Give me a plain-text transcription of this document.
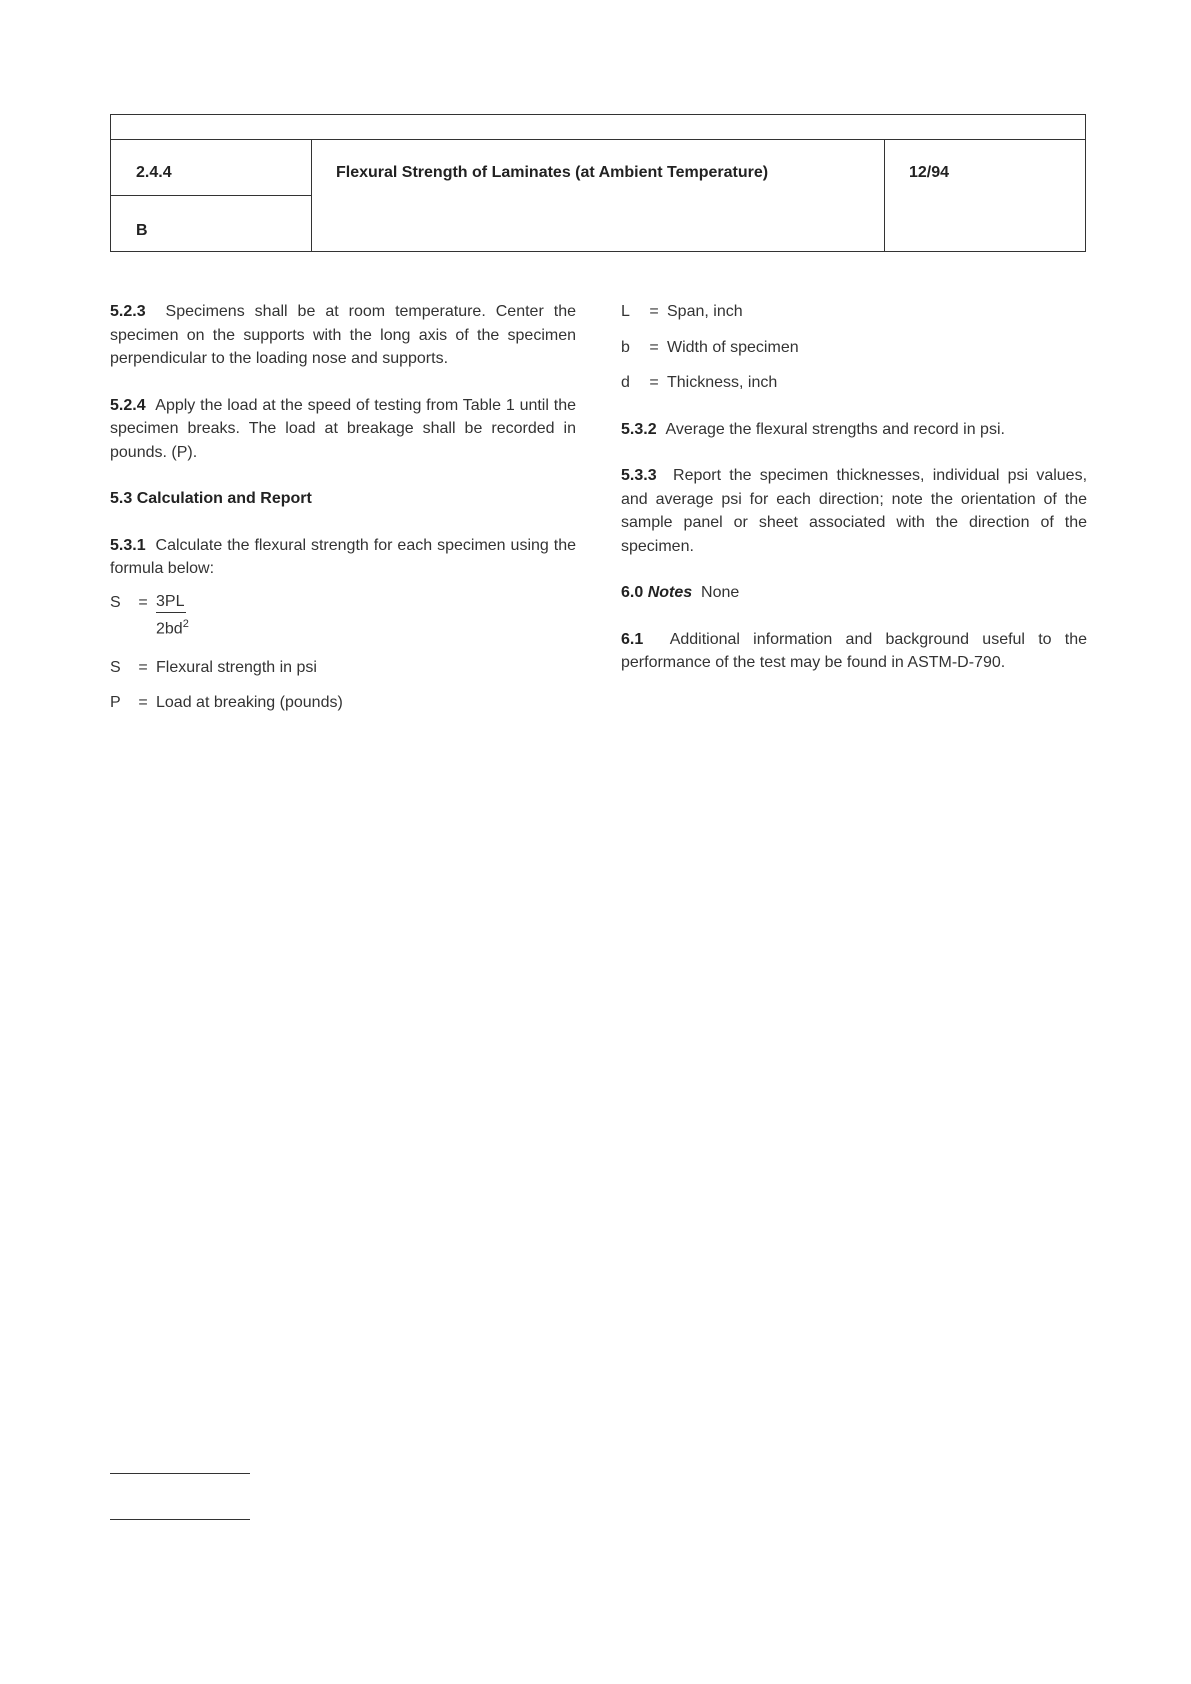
2.4.4
B
Flexural Strength of Laminates (at Ambient Temperature)	12/94

5.2.3 Specimens shall be at room temperature. Center the specimen on the supports with the long axis of the specimen perpendicular to the loading nose and supports.

5.2.4 Apply the load at the speed of testing from Table 1 until the specimen breaks. The load at breakage shall be recorded in pounds. (P).

5.3 Calculation and Report

5.3.1 Calculate the flexural strength for each specimen using the formula below:

S	= $\frac{3PL}{2bd^2}$
S	= Flexural strength in psi
P	= Load at breaking (pounds)
L	= Span, inch
b	= Width of specimen
d	= Thickness, inch

5.3.2 Average the flexural strengths and record in psi.

5.3.3 Report the specimen thicknesses, individual psi values, and average psi for each direction; note the orientation of the sample panel or sheet associated with the direction of the specimen.

6.0 Notes None

6.1 Additional information and background useful to the performance of the test may be found in ASTM-D-790.
